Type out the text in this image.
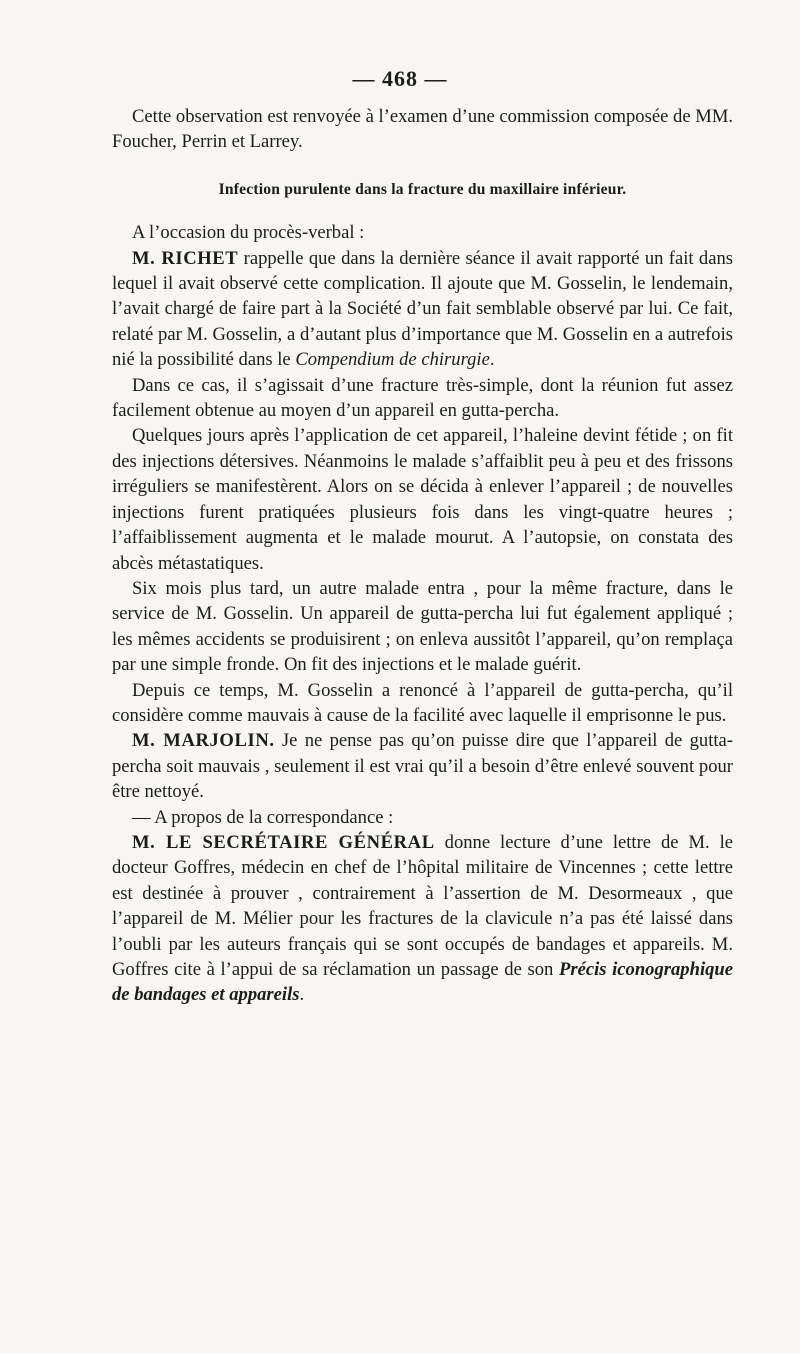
— 468 —

Cette observation est renvoyée à l’examen d’une commission composée de MM. Foucher, Perrin et Larrey.

Infection purulente dans la fracture du maxillaire inférieur.

A l’occasion du procès-verbal :

M. RICHET rappelle que dans la dernière séance il avait rapporté un fait dans lequel il avait observé cette complication. Il ajoute que M. Gosselin, le lendemain, l’avait chargé de faire part à la Société d’un fait semblable observé par lui. Ce fait, relaté par M. Gosselin, a d’autant plus d’importance que M. Gosselin en a autrefois nié la possibilité dans le Compendium de chirurgie.

Dans ce cas, il s’agissait d’une fracture très-simple, dont la réunion fut assez facilement obtenue au moyen d’un appareil en gutta-percha.

Quelques jours après l’application de cet appareil, l’haleine devint fétide ; on fit des injections détersives. Néanmoins le malade s’affaiblit peu à peu et des frissons irréguliers se manifestèrent. Alors on se décida à enlever l’appareil ; de nouvelles injections furent pratiquées plusieurs fois dans les vingt-quatre heures ; l’affaiblissement augmenta et le malade mourut. A l’autopsie, on constata des abcès métastatiques.

Six mois plus tard, un autre malade entra , pour la même fracture, dans le service de M. Gosselin. Un appareil de gutta-percha lui fut également appliqué ; les mêmes accidents se produisirent ; on enleva aussitôt l’appareil, qu’on remplaça par une simple fronde. On fit des injections et le malade guérit.

Depuis ce temps, M. Gosselin a renoncé à l’appareil de gutta-percha, qu’il considère comme mauvais à cause de la facilité avec laquelle il emprisonne le pus.

M. MARJOLIN. Je ne pense pas qu’on puisse dire que l’appareil de gutta-percha soit mauvais , seulement il est vrai qu’il a besoin d’être enlevé souvent pour être nettoyé.

— A propos de la correspondance :

M. LE SECRÉTAIRE GÉNÉRAL donne lecture d’une lettre de M. le docteur Goffres, médecin en chef de l’hôpital militaire de Vincennes ; cette lettre est destinée à prouver , contrairement à l’assertion de M. Desormeaux , que l’appareil de M. Mélier pour les fractures de la clavicule n’a pas été laissé dans l’oubli par les auteurs français qui se sont occupés de bandages et appareils. M. Goffres cite à l’appui de sa réclamation un passage de son Précis iconographique de bandages et appareils.
